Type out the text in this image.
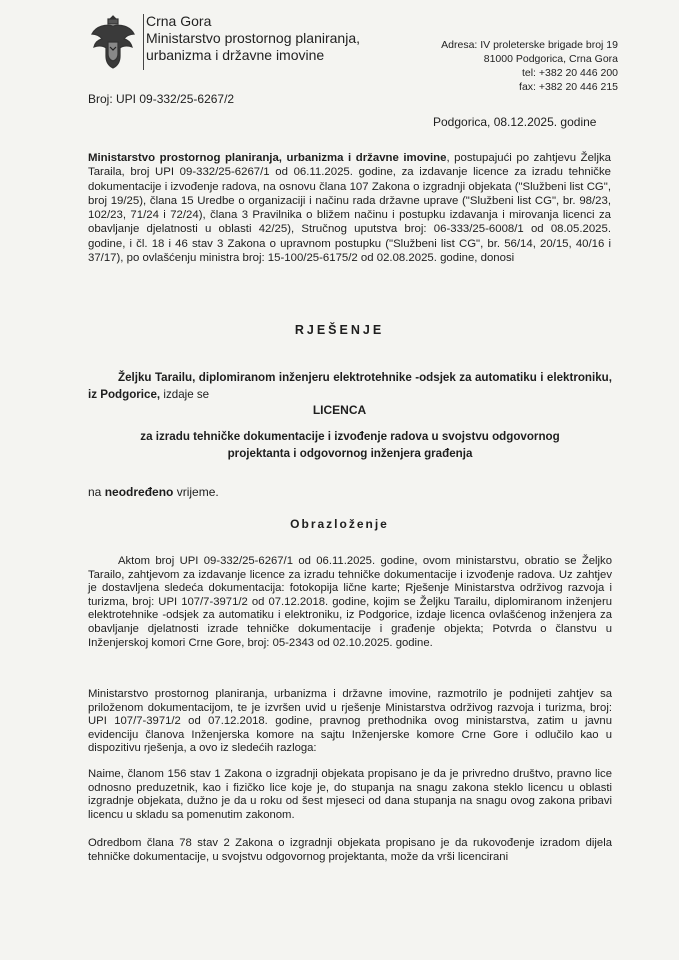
Crna Gora
Ministarstvo prostornog planiranja,
urbanizma i državne imovine
Adresa: IV proleterske brigade broj 19
81000 Podgorica, Crna Gora
tel: +382 20 446 200
fax: +382 20 446 215
Broj: UPI 09-332/25-6267/2
Podgorica, 08.12.2025. godine
Ministarstvo prostornog planiranja, urbanizma i državne imovine, postupajući po zahtjevu Željka Taraila, broj UPI 09-332/25-6267/1 od 06.11.2025. godine, za izdavanje licence za izradu tehničke dokumentacije i izvođenje radova, na osnovu člana 107 Zakona o izgradnji objekata ("Službeni list CG", broj 19/25), člana 15 Uredbe o organizaciji i načinu rada državne uprave ("Službeni list CG", br. 98/23, 102/23, 71/24 i 72/24), člana 3 Pravilnika o bližem načinu i postupku izdavanja i mirovanja licenci za obavljanje djelatnosti u oblasti 42/25), Stručnog uputstva broj: 06-333/25-6008/1 od 08.05.2025. godine, i čl. 18 i 46 stav 3 Zakona o upravnom postupku ("Službeni list CG", br. 56/14, 20/15, 40/16 i 37/17), po ovlašćenju ministra broj: 15-100/25-6175/2 od 02.08.2025. godine, donosi
RJEŠENJE
Željku Tarailu, diplomiranom inženjeru elektrotehnike -odsjek za automatiku i elektroniku, iz Podgorice, izdaje se
LICENCA
za izradu tehničke dokumentacije i izvođenje radova u svojstvu odgovornog projektanta i odgovornog inženjera građenja
na neodređeno vrijeme.
Obrazloženje
Aktom broj UPI 09-332/25-6267/1 od 06.11.2025. godine, ovom ministarstvu, obratio se Željko Tarailo, zahtjevom za izdavanje licence za izradu tehničke dokumentacije i izvođenje radova. Uz zahtjev je dostavljena sledeća dokumentacija: fotokopija lične karte; Rješenje Ministarstva održivog razvoja i turizma, broj: UPI 107/7-3971/2 od 07.12.2018. godine, kojim se Željku Tarailu, diplomiranom inženjeru elektrotehnike -odsjek za automatiku i elektroniku, iz Podgorice, izdaje licenca ovlašćenog inženjera za obavljanje djelatnosti izrade tehničke dokumentacije i građenje objekta; Potvrda o članstvu u Inženjerskoj komori Crne Gore, broj: 05-2343 od 02.10.2025. godine.
Ministarstvo prostornog planiranja, urbanizma i državne imovine, razmotrilo je podnijeti zahtjev sa priloženom dokumentacijom, te je izvršen uvid u rješenje Ministarstva održivog razvoja i turizma, broj: UPI 107/7-3971/2 od 07.12.2018. godine, pravnog prethodnika ovog ministarstva, zatim u javnu evidenciju članova Inženjerska komore na sajtu Inženjerske komore Crne Gore i odlučilo kao u dispozitivu rješenja, a ovo iz sledećih razloga:
Naime, članom 156 stav 1 Zakona o izgradnji objekata propisano je da je privredno društvo, pravno lice odnosno preduzetnik, kao i fizičko lice koje je, do stupanja na snagu zakona steklo licencu u oblasti izgradnje objekata, dužno je da u roku od šest mjeseci od dana stupanja na snagu ovog zakona pribavi licencu u skladu sa pomenutim zakonom.
Odredbom člana 78 stav 2 Zakona o izgradnji objekata propisano je da rukovođenje izradom dijela tehničke dokumentacije, u svojstvu odgovornog projektanta, može da vrši licencirani
